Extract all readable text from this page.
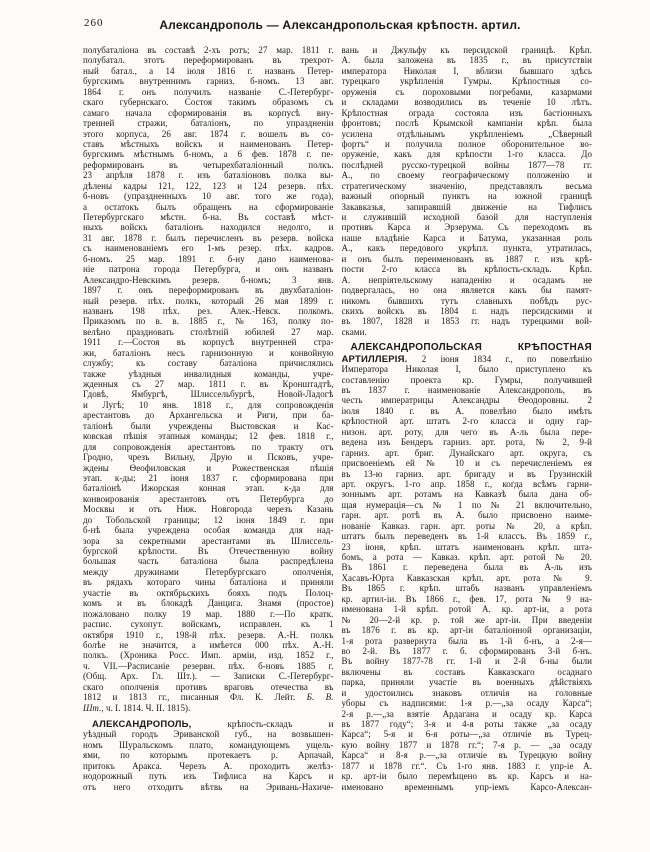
260	Александрополь — Александропольская крѣпостн. артил.
полубаталіона въ составѣ 2-хъ ротъ; 27 мар. 1811 г.
полубатал. этотъ переформированъ въ трехрот-
ный батал., а 14 іюля 1816 г. названъ Петер-
бургскимъ внутреннимъ гарниз. б-номъ. 13 авг.
1864 г. онъ получилъ названіе С.-Петербург-
скаго губернскаго. Состоя такимъ образомъ съ
самаго начала сформированія въ корпусѣ вну-
тренней стражи, баталіонъ, по упраздненіи
этого корпуса, 26 авг. 1874 г. вошелъ въ со-
ставъ мѣстныхъ войскъ и наименованъ Петер-
бургскимъ мѣстнымъ б-номъ, а 6 фев. 1878 г. пе-
реформированъ въ четырехбаталіонный полкъ.
23 апрѣля 1878 г. изъ баталіоновъ полка вы-
дѣлены кадры 121, 122, 123 и 124 резерв. пѣх.
б-новъ (упраздненныхъ 10 авг. того же года),
а остатокъ былъ обращенъ на сформированіе
Петербургскаго мѣстн. б-на. Въ составѣ мѣст-
ныхъ войскъ баталіонъ находился недолго, и
31 авг. 1878 г. былъ перечисленъ въ резерв. войска
съ наименованіемъ его 1-мъ резер. пѣх. кадров.
б-номъ. 25 мар. 1891 г. б-ну дано наименова-
ніе патрона города Петербурга, и онъ названъ
Александро-Невскимъ резерв. б-номъ; 3 янв.
1897 г. онъ переформированъ въ двухбаталіон-
ный резерв. пѣх. полкъ, который 26 мая 1899 г.
названъ 198 пѣх. рез. Алек.-Невск. полкомъ.
Приказомъ по в. в. 1885 г., № 163, полку по-
велѣно праздновать столѣтній юбилей 27 мар.
1911 г.—Состоя въ корпусѣ внутренней стра-
жи, баталіонъ несъ гарнизонную и конвойную
службу; къ составу баталіона причислялись
также уѣздныя инвалидныя команды, учре-
жденныя съ 27 мар. 1811 г. въ Кронштадтѣ,
Гдовѣ, Ямбургѣ, Шлиссельбургѣ, Новой-Ладогѣ
и Лугѣ; 10 янв. 1818 г., для сопровожденія
арестантовъ до Архангельска и Риги, при ба-
таліонѣ были учреждены Выстовская и Кас-
ковская пѣшія этапныя команды; 12 фев. 1818 г.,
для сопровожденія арестантовъ по тракту отъ
Гродно, чрезъ Вильну, Друю и Псковъ, учре-
ждены Ѳеофиловская и Рожественская пѣшія
этап. к-ды; 21 іюня 1837 г. сформирована при
баталіонѣ Ижорская конная этап. к-да для
конвоированія арестантовъ отъ Петербурга до
Москвы и отъ Ниж. Новгорода черезъ Казань
до Тобольской границы; 12 іюня 1849 г. при
б-нѣ была учреждена особая команда для над-
зора за секретными арестантами въ Шлиссель-
бургской крѣпости. Въ Отечественную войну
большая часть баталіона была распредѣлена
между дружинами Петербургскаго ополченія,
въ рядахъ котораго чины баталіона и приняли
участіе въ октябрьскихъ бояхъ подъ Полоц-
комъ и въ блокадѣ Данцига. Знамя (простое)
пожаловано полку 19 мар. 1880 г.—По кратк.
распис. сухопут. войскамъ, исправлен. къ 1
октября 1910 г., 198-й пѣх. резерв. А.-Н. полкъ
болѣе не значится, а имѣется 000 пѣх. А.-Н.
полкъ. (Хроника Росс. Имп. арміи, изд. 1852 г.,
ч. VII.—Расписаніе резервн. пѣх. б-новъ 1885 г.
(Общ. Арх. Гл. Шт.). — Записки С.-Петербург-
скаго ополченія противъ враговъ отечества въ
1812 и 1813 гг., писанныя Фл. К. Лейт. Б. В.
Шт., ч. I. 1814. Ч. II. 1815).
АЛЕКСАНДРОПОЛЬ, крѣпость-складъ и
уѣздный городъ Эриванской губ., на возвышен-
номъ Шуральскомъ плато, командующемъ ущель-
ями, по которымъ протекаетъ р. Арпачай,
притокъ Аракса. Черезъ А. проходитъ желѣз-
нодорожный путь изъ Тифлиса на Карсъ и
отъ него отходитъ вѣтвь на Эривань-Нахиче-
вань и Джульфу къ персидской границѣ. Крѣп.
А. была заложена въ 1835 г., въ присутствіи
императора Николая I, вблизи бывшаго здѣсь
турецкаго укрѣпленія Гумры. Крѣпостныя со-
оруженія съ пороховыми погребами, казармами
и складами возводились въ теченіе 10 лѣтъ.
Крѣпостная ограда состояла изъ бастіонныхъ
фронтовъ; послѣ Крымской кампаніи крѣп. была
усилена отдѣльнымъ укрѣпленіемъ „Сѣверный
фортъ“ и получила полное оборонительное во-
оруженіе, какъ для крѣпости 1-го класса. До
послѣдней русско-турецкой войны 1877—78 гг.
А., по своему географическому положенію и
стратегическому значенію, представлялъ весьма
важный опорный пунктъ на южной границѣ
Закавказья, запиравшій движеніе на Тифлисъ
и служившій исходной базой для наступленія
противъ Карса и Эрзерума. Съ переходомъ въ
наше владѣніе Карса и Батума, указанная роль
А., какъ передового укрѣпл. пункта, утратилась,
и онъ былъ переименованъ въ 1887 г. изъ крѣ-
пости 2-го класса въ крѣпость-складъ. Крѣп.
А. непріятельскому нападенію и осадамъ не
подвергалась, но она является какъ бы памят-
никомъ бывшихъ тутъ славныхъ побѣдъ рус-
скихъ войскъ въ 1804 г. надъ персидскими и
въ 1807, 1828 и 1853 гг. надъ турецкими вой-
сками.
АЛЕКСАНДРОПОЛЬСКАЯ КРѢПОСТНАЯ
АРТИЛЛЕРІЯ. 2 іюня 1834 г., по повелѣнію
Императора Николая I, было приступлено къ
составленію проекта кр. Гумры, получившей
въ 1837 г. наименованіе Александрополь, въ
честь императрицы Александры Ѳеодоровны. 2
іюля 1840 г. въ А. повелѣно было имѣть
крѣпостной арт. штатъ 2-го класса и одну гар-
низон. арт. роту, для чего въ А-ль была пере-
ведена изъ Бендеръ гарниз. арт. рота, № 2, 9-й
гарниз. арт. бриг. Дунайскаго арт. округа, съ
присвоеніемъ ей № 10 и съ перечисленіемъ ея
въ 13-ю гарниз. арт. бригаду и въ Грузинскій
арт. округъ. 1-го апр. 1858 г., когда всѣмъ гарни-
зоннымъ арт. ротамъ на Кавказѣ была дана об-
щая нумерація—съ № 1 по № 21 включительно,
гарн. арт. ротѣ въ А. было присвоено наиме-
нованіе Кавказ. гарн. арт. роты № 20, а крѣп.
штатъ былъ переведенъ въ 1-й классъ. Въ 1859 г.,
23 іюня, крѣп. штатъ наименованъ крѣп. шта-
бомъ, а рота — Кавказ. крѣп. арт. ротой № 20.
Въ 1861 г. переведена была въ А-ль изъ
Хасавъ-Юрта Кавказская крѣп. арт. рота № 9.
Въ 1865 г. крѣп. штабъ названъ управленіемъ
кр. артил-іи. Въ 1866 г., фев. 17, рота № 9 на-
именована 1-й крѣп. ротой А. кр. арт-іи, а рота
№ 20—2-й кр. р. той же арт-іи. При введеніи
въ 1876 г. въ кр. арт-іи баталіонной организаціи,
1-я рота развернута была въ 1-й б-нъ, а 2-я—
во 2-й. Въ 1877 г. б. сформированъ 3-й б-нъ.
Въ войну 1877-78 гг. 1-й и 2-й б-ны были
включены въ составъ Кавказскаго осаднаго
парка, приняли участіе въ военныхъ дѣйствіяхъ
и удостоились знаковъ отличія на головные
уборы съ надписями: 1-я р.—„за осаду Карса“;
2-я р.—„за взятіе Ардагана и осаду кр. Карса
въ 1877 году“; 3-я и 4-я роты также „за осаду
Карса“; 5-я и 6-я роты—„за отличіе въ Турец-
кую войну 1877 и 1878 гг.“; 7-я р. — „за осаду
Карса“ и 8-я р.—„за отличіе въ Турецкую войну
1877 и 1878 гг.“. Съ 1-го янв. 1883 г. упр-іе А.
кр. арт-іи было перемѣщено въ кр. Карсъ и на-
именовано временнымъ упр-іемъ Карсо-Алексан-
